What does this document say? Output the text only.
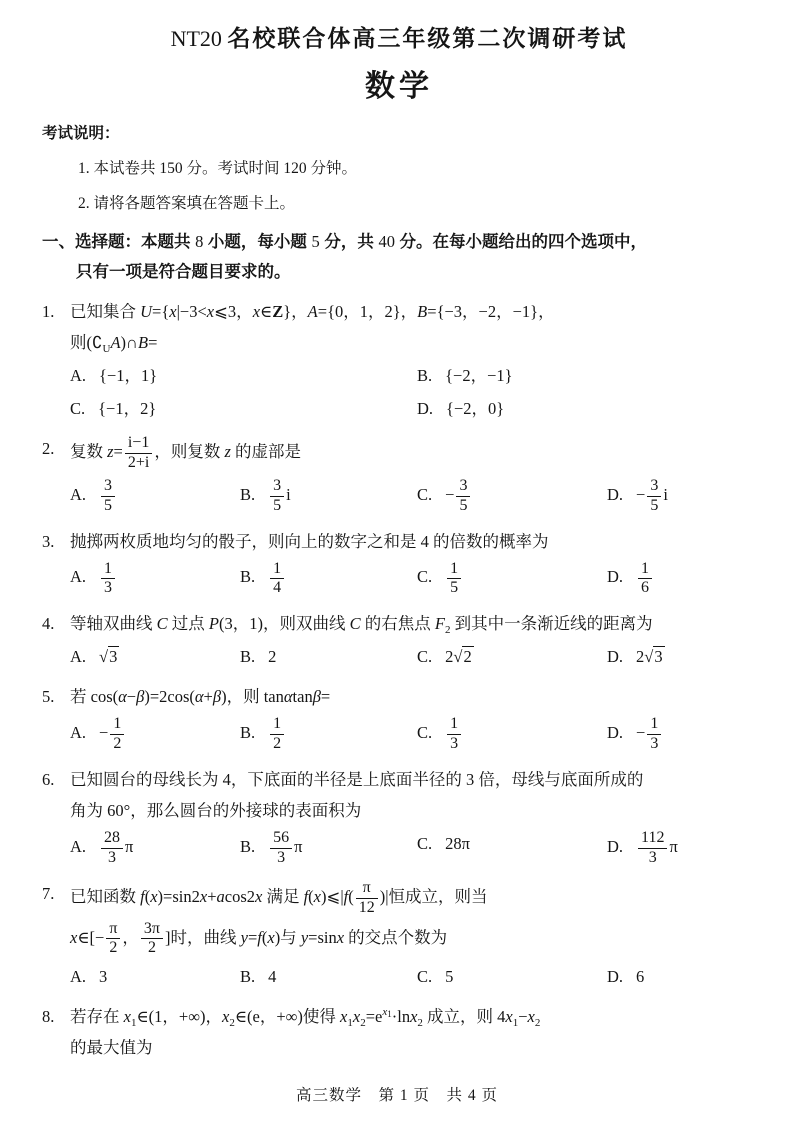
NT20 名校联合体高三年级第二次调研考试
数学
考试说明：
1. 本试卷共 150 分。考试时间 120 分钟。
2. 请将各题答案填在答题卡上。
一、选择题：本题共 8 小题，每小题 5 分，共 40 分。在每小题给出的四个选项中，
只有一项是符合题目要求的。
1. 已知集合 U={x|−3<x⩽3，x∈Z}，A={0，1，2}，B={−3，−2，−1}，
则$(∁_UA)\cap B=$
A. {−1，1}	B. {−2，−1}
C. {−1，2}	D. {−2，0}
2. 复数 $z= \frac{i-1}{2+i}$ ，则复数 z 的虚部是
A. $\frac{3}{5}$	B. $\frac{3}{5}$ i	C. − $\frac{3}{5}$	D. − $\frac{3}{5}$ i
3. 抛掷两枚质地均匀的骰子，则向上的数字之和是 4 的倍数的概率为
A. $\frac{1}{3}$	B. $\frac{1}{4}$	C. $\frac{1}{5}$	D. $\frac{1}{6}$
4. 等轴双曲线 C 过点 P(3，1)，则双曲线 C 的右焦点 $F_2$ 到其中一条渐近线的距离为
A. √3	B. 2	C. 2√2	D. 2√3
5. 若 cos(α−β)=2cos(α+β)，则 tanαtanβ=
A. − $\frac{1}{2}$	B. $\frac{1}{2}$	C. $\frac{1}{3}$	D. − $\frac{1}{3}$
6. 已知圆台的母线长为 4，下底面的半径是上底面半径的 3 倍，母线与底面所成的
角为 60°，那么圆台的外接球的表面积为
A. $\frac{28}{3}$ π	B. $\frac{56}{3}$ π	C. 28π	D. $\frac{112}{3}$ π
7. 已知函数 f(x)=sin2x+acos2x 满足 f(x)⩽|f( $\frac{\pi}{12}$ )|恒成立，则当
x∈[− $\frac{\pi}{2}$ ， $\frac{3\pi}{2}$ ]时，曲线 y=f(x)与 y=sinx 的交点个数为
A. 3	B. 4	C. 5	D. 6
8. 若存在 $x_1\in(1$，+∞)，$x_2\in(e$，+∞)使得 $x_1x_2=e^{x_1}\cdot\ln x_2$ 成立，则 $4x_1-x_2$
的最大值为
高三数学　第 1 页　共 4 页
